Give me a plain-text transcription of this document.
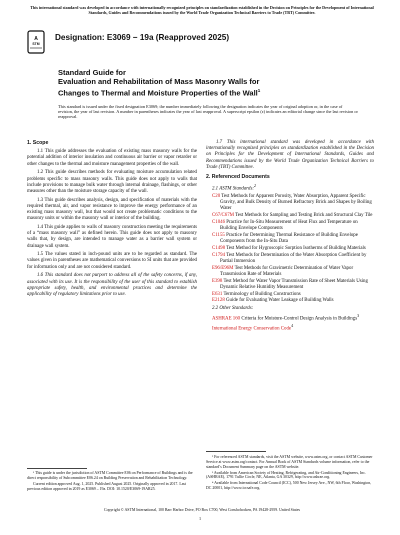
This international standard was developed in accordance with internationally recognized principles on standardization established in the Decision on Principles for the Development of International Standards, Guides and Recommendations issued by the World Trade Organization Technical Barriers to Trade (TBT) Committee.
A
STM
Designation: E3069 − 19a (Reapproved 2025)
Standard Guide for
Evaluation and Rehabilitation of Mass Masonry Walls for
Changes to Thermal and Moisture Properties of the Wall$^1$
This standard is issued under the fixed designation E3069; the number immediately following the designation indicates the year of original adoption or, in the case of revision, the year of last revision. A number in parentheses indicates the year of last reapproval. A superscript epsilon (ε) indicates an editorial change since the last revision or reapproval.
1. Scope

1.1 This guide addresses the evaluation of existing mass masonry walls for the potential addition of interior insulation and continuous air barrier or vapor retarder or other changes to the thermal and moisture management properties of the wall.

1.2 This guide describes methods for evaluating moisture accumulation related problems specific to mass masonry walls. This guide does not apply to walls that include provisions to manage bulk water through internal drainage, flashings, or other measures other than the moisture storage capacity of the wall.

1.3 This guide describes analysis, design, and specification of materials with the required thermal, air, and vapor resistance to improve the energy performance of an existing mass masonry wall, but that would not create problematic conditions to the masonry units or within the masonry wall or interior of the building.

1.4 This guide applies to walls of masonry construction meeting the requirements of a “mass masonry wall” as defined herein. This guide does not apply to masonry walls that, by design, are intended to manage water as a barrier wall system or drainage wall system.

1.5 The values stated in inch-pound units are to be regarded as standard. The values given in parentheses are mathematical conversions to SI units that are provided for information only and are not considered standard.

1.6 This standard does not purport to address all of the safety concerns, if any, associated with its use. It is the responsibility of the user of this standard to establish appropriate safety, health, and environmental practices and determine the applicability of regulatory limitations prior to use.

1.7 This international standard was developed in accordance with internationally recognized principles on standardization established in the Decision on Principles for the Development of International Standards, Guides and Recommendations issued by the World Trade Organization Technical Barriers to Trade (TBT) Committee.

2. Referenced Documents
2.1 ASTM Standards:$^2$
C20 Test Methods for Apparent Porosity, Water Absorption, Apparent Specific Gravity, and Bulk Density of Burned Refractory Brick and Shapes by Boiling Water
C67/C67M Test Methods for Sampling and Testing Brick and Structural Clay Tile
C1046 Practice for In-Situ Measurement of Heat Flux and Temperature on Building Envelope Components
C1155 Practice for Determining Thermal Resistance of Building Envelope Components from the In-Situ Data
C1498 Test Method for Hygroscopic Sorption Isotherms of Building Materials
C1794 Test Methods for Determination of the Water Absorption Coefficient by Partial Immersion
E96/E96M Test Methods for Gravimetric Determination of Water Vapor Transmission Rate of Materials
E398 Test Method for Water Vapor Transmission Rate of Sheet Materials Using Dynamic Relative Humidity Measurement
E631 Terminology of Building Constructions
E2128 Guide for Evaluating Water Leakage of Building Walls
2.2 Other Standards:
ASHRAE 160 Criteria for Moisture-Control Design Analysis in Buildings$^3$
International Energy Conservation Code$^4$

¹ This guide is under the jurisdiction of ASTM Committee E06 on Performance of Buildings and is the direct responsibility of Subcommittee E06.24 on Building Preservation and Rehabilitation Technology.

Current edition approved Aug. 1, 2025. Published August 2025. Originally approved in 2017. Last previous edition approved in 2019 as E3069 – 19a. DOI: 10.1520/E3069-19AR25.

² For referenced ASTM standards, visit the ASTM website, www.astm.org, or contact ASTM Customer Service at www.astm.org/contact. For Annual Book of ASTM Standards volume information, refer to the standard’s Document Summary page on the ASTM website.

³ Available from American Society of Heating, Refrigerating, and Air-Conditioning Engineers, Inc. (ASHRAE), 1791 Tullie Circle, NE, Atlanta, GA 30329, http://www.ashrae.org.

⁴ Available from International Code Council (ICC), 500 New Jersey Ave., NW, 6th Floor, Washington, DC 20001, http://www.iccsafe.org.

Copyright © ASTM International, 100 Barr Harbor Drive, PO Box C700, West Conshohocken, PA 19428-2959. United States
1
